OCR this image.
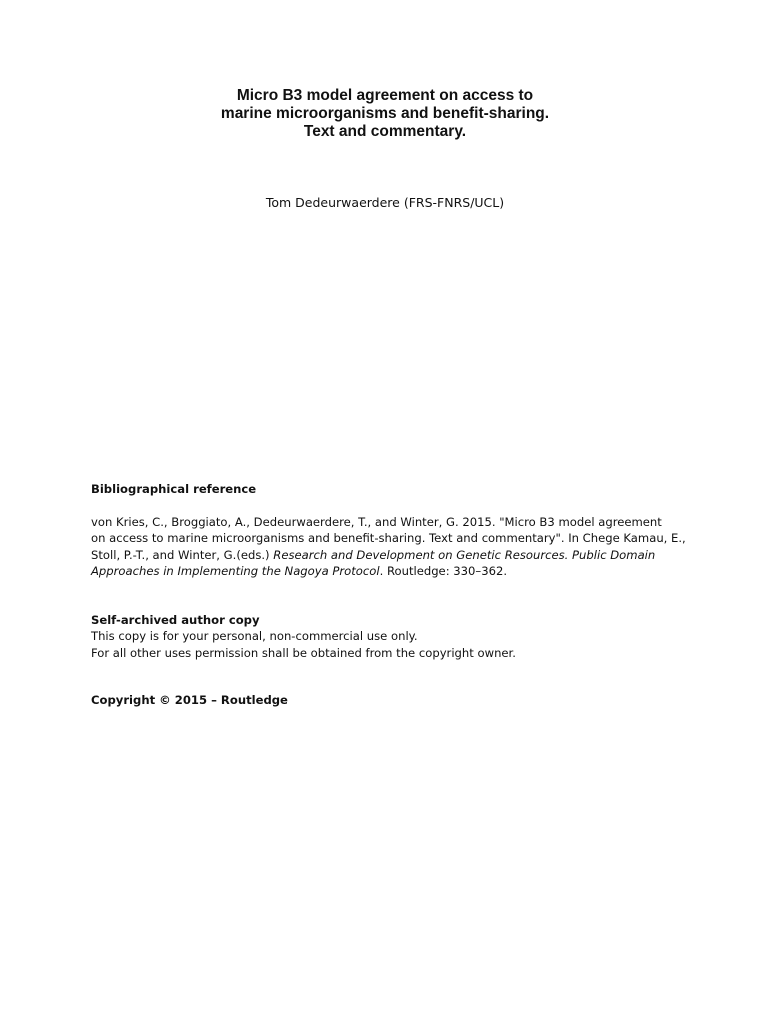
Micro B3 model agreement on access to
marine microorganisms and benefit-sharing.
Text and commentary.
Tom Dedeurwaerdere (FRS-FNRS/UCL)
Bibliographical reference
von Kries, C., Broggiato, A., Dedeurwaerdere, T., and Winter, G. 2015. "Micro B3 model agreement
on access to marine microorganisms and benefit-sharing. Text and commentary". In Chege Kamau, E.,
Stoll, P.-T., and Winter, G.(eds.) Research and Development on Genetic Resources. Public Domain
Approaches in Implementing the Nagoya Protocol. Routledge: 330–362.
Self-archived author copy
This copy is for your personal, non-commercial use only.
For all other uses permission shall be obtained from the copyright owner.
Copyright © 2015 – Routledge
